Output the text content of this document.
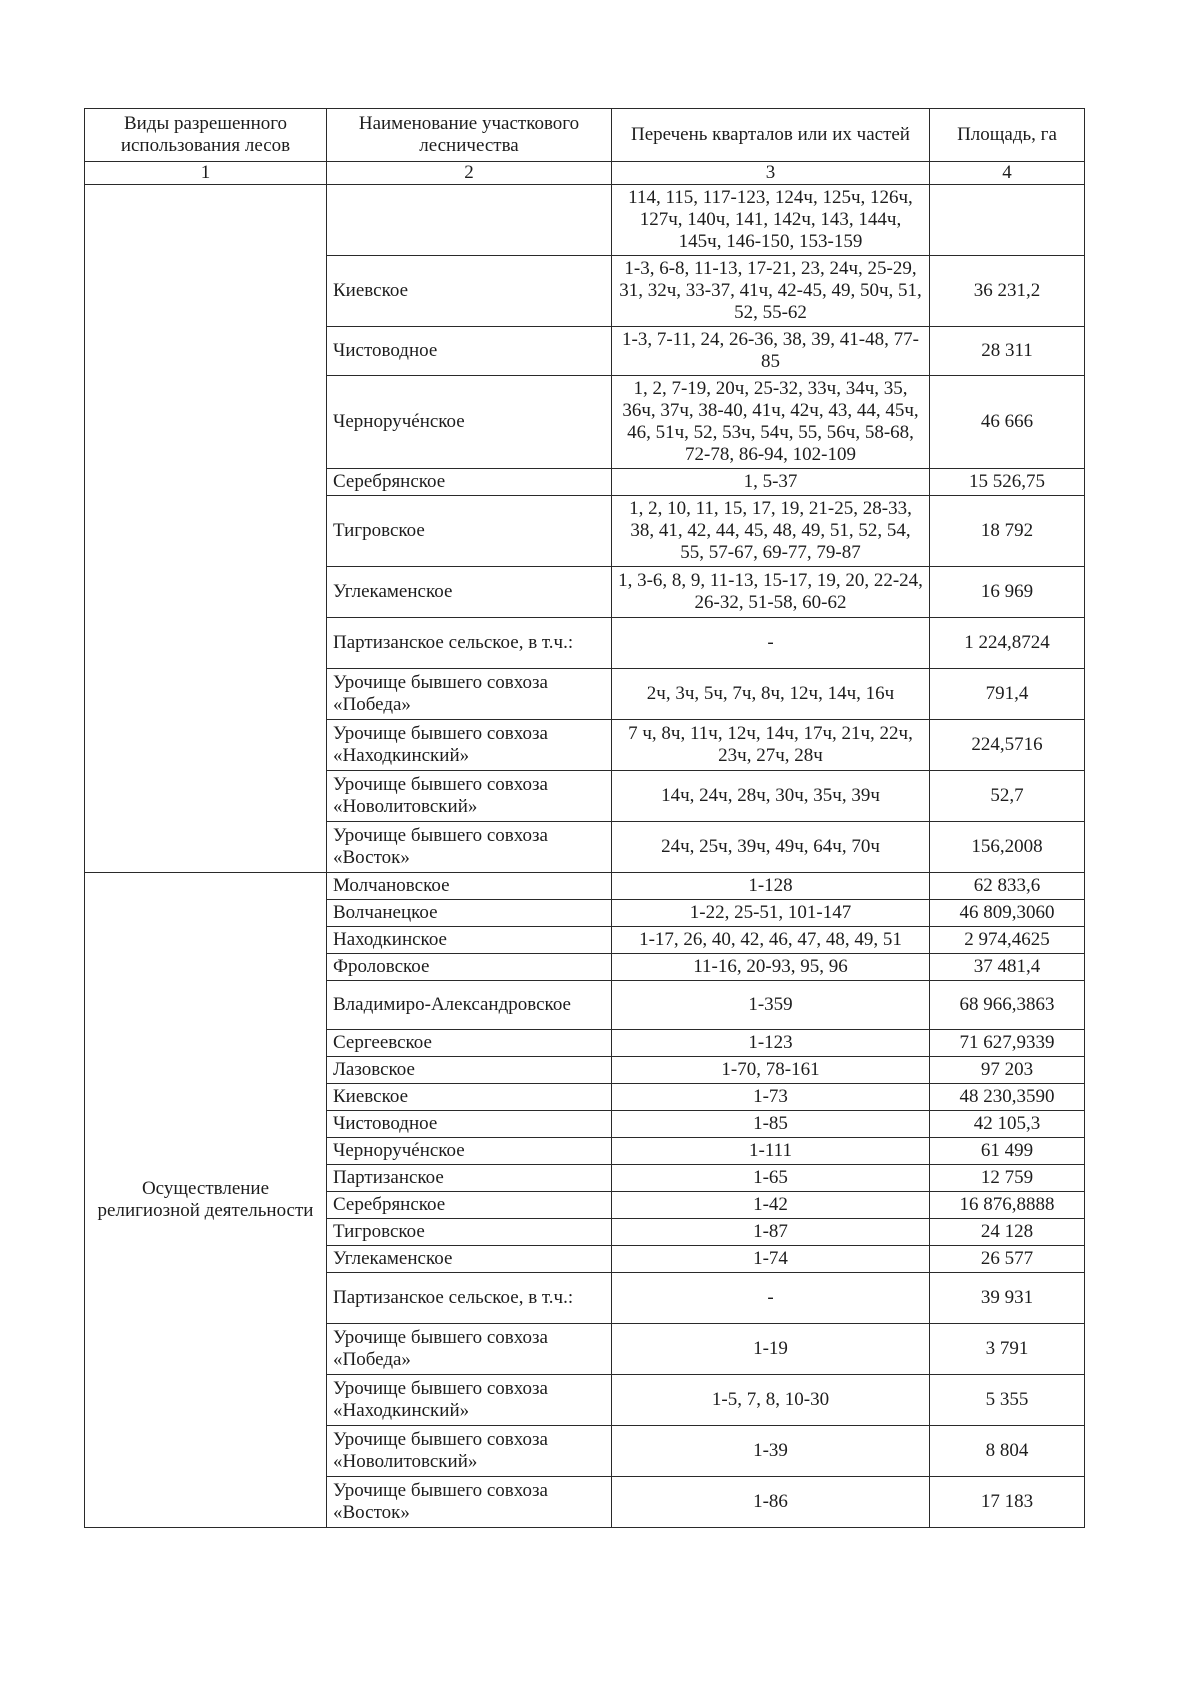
Виды разрешенного использования лесов	Наименование участкового лесничества	Перечень кварталов или их частей	Площадь, га
1	2	3	4
		114, 115, 117-123, 124ч, 125ч, 126ч, 127ч, 140ч, 141, 142ч, 143, 144ч, 145ч, 146-150, 153-159	
	Киевское	1-3, 6-8, 11-13, 17-21, 23, 24ч, 25-29, 31, 32ч, 33-37, 41ч, 42-45, 49, 50ч, 51, 52, 55-62	36 231,2
	Чистоводное	1-3, 7-11, 24, 26-36, 38, 39, 41-48, 77-85	28 311
	Черноручéнское	1, 2, 7-19, 20ч, 25-32, 33ч, 34ч, 35, 36ч, 37ч, 38-40, 41ч, 42ч, 43, 44, 45ч, 46, 51ч, 52, 53ч, 54ч, 55, 56ч, 58-68, 72-78, 86-94, 102-109	46 666
	Серебрянское	1, 5-37	15 526,75
	Тигровское	1, 2, 10, 11, 15, 17, 19, 21-25, 28-33, 38, 41, 42, 44, 45, 48, 49, 51, 52, 54, 55, 57-67, 69-77, 79-87	18 792
	Углекаменское	1, 3-6, 8, 9, 11-13, 15-17, 19, 20, 22-24, 26-32, 51-58, 60-62	16 969
	Партизанское сельское, в т.ч.:	-	1 224,8724
	Урочище бывшего совхоза «Победа»	2ч, 3ч, 5ч, 7ч, 8ч, 12ч, 14ч, 16ч	791,4
	Урочище бывшего совхоза «Находкинский»	7 ч, 8ч, 11ч, 12ч, 14ч, 17ч, 21ч, 22ч, 23ч, 27ч, 28ч	224,5716
	Урочище бывшего совхоза «Новолитовский»	14ч, 24ч, 28ч, 30ч, 35ч, 39ч	52,7
	Урочище бывшего совхоза «Восток»	24ч, 25ч, 39ч, 49ч, 64ч, 70ч	156,2008
Осуществление религиозной деятельности	Молчановское	1-128	62 833,6
	Волчанецкое	1-22, 25-51, 101-147	46 809,3060
	Находкинское	1-17, 26, 40, 42, 46, 47, 48, 49, 51	2 974,4625
	Фроловское	11-16, 20-93, 95, 96	37 481,4
	Владимиро-Александровское	1-359	68 966,3863
	Сергеевское	1-123	71 627,9339
	Лазовское	1-70, 78-161	97 203
	Киевское	1-73	48 230,3590
	Чистоводное	1-85	42 105,3
	Черноручéнское	1-111	61 499
	Партизанское	1-65	12 759
	Серебрянское	1-42	16 876,8888
	Тигровское	1-87	24 128
	Углекаменское	1-74	26 577
	Партизанское сельское, в т.ч.:	-	39 931
	Урочище бывшего совхоза «Победа»	1-19	3 791
	Урочище бывшего совхоза «Находкинский»	1-5, 7, 8, 10-30	5 355
	Урочище бывшего совхоза «Новолитовский»	1-39	8 804
	Урочище бывшего совхоза «Восток»	1-86	17 183
